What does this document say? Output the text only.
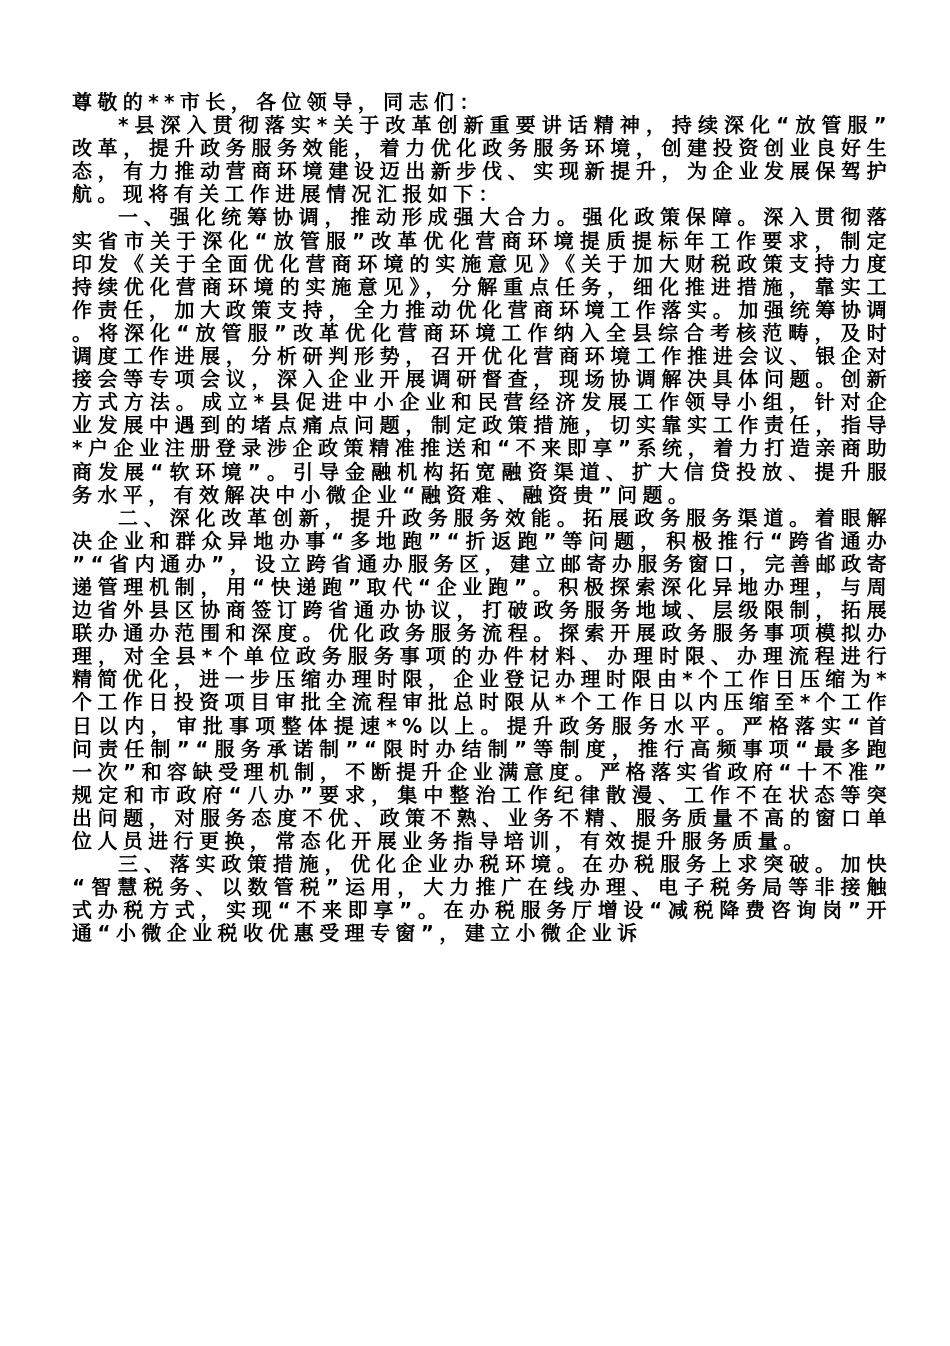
尊敬的**市长，各位领导，同志们：

*县深入贯彻落实*关于改革创新重要讲话精神，持续深化“放管服”改革，提升政务服务效能，着力优化政务服务环境，创建投资创业良好生态，有力推动营商环境建设迈出新步伐、实现新提升，为企业发展保驾护航。现将有关工作进展情况汇报如下：

一、强化统筹协调，推动形成强大合力。强化政策保障。深入贯彻落实省市关于深化“放管服”改革优化营商环境提质提标年工作要求，制定印发《关于全面优化营商环境的实施意见》《关于加大财税政策支持力度持续优化营商环境的实施意见》，分解重点任务，细化推进措施，靠实工作责任，加大政策支持，全力推动优化营商环境工作落实。加强统筹协调。将深化“放管服”改革优化营商环境工作纳入全县综合考核范畴，及时调度工作进展，分析研判形势，召开优化营商环境工作推进会议、银企对接会等专项会议，深入企业开展调研督查，现场协调解决具体问题。创新方式方法。成立*县促进中小企业和民营经济发展工作领导小组，针对企业发展中遇到的堵点痛点问题，制定政策措施，切实靠实工作责任，指导*户企业注册登录涉企政策精准推送和“不来即享”系统，着力打造亲商助商发展“软环境”。引导金融机构拓宽融资渠道、扩大信贷投放、提升服务水平，有效解决中小微企业“融资难、融资贵”问题。

二、深化改革创新，提升政务服务效能。拓展政务服务渠道。着眼解决企业和群众异地办事“多地跑”“折返跑”等问题，积极推行“跨省通办”“省内通办”，设立跨省通办服务区，建立邮寄办服务窗口，完善邮政寄递管理机制，用“快递跑”取代“企业跑”。积极探索深化异地办理，与周边省外县区协商签订跨省通办协议，打破政务服务地域、层级限制，拓展联办通办范围和深度。优化政务服务流程。探索开展政务服务事项模拟办理，对全县*个单位政务服务事项的办件材料、办理时限、办理流程进行精简优化，进一步压缩办理时限，企业登记办理时限由*个工作日压缩为*个工作日投资项目审批全流程审批总时限从*个工作日以内压缩至*个工作日以内，审批事项整体提速*%以上。提升政务服务水平。严格落实“首问责任制”“服务承诺制”“限时办结制”等制度，推行高频事项“最多跑一次”和容缺受理机制，不断提升企业满意度。严格落实省政府“十不准”规定和市政府“八办”要求，集中整治工作纪律散漫、工作不在状态等突出问题，对服务态度不优、政策不熟、业务不精、服务质量不高的窗口单位人员进行更换，常态化开展业务指导培训，有效提升服务质量。

三、落实政策措施，优化企业办税环境。在办税服务上求突破。加快“智慧税务、以数管税”运用，大力推广在线办理、电子税务局等非接触式办税方式，实现“不来即享”。在办税服务厅增设“减税降费咨询岗”开通“小微企业税收优惠受理专窗”，建立小微企业诉
